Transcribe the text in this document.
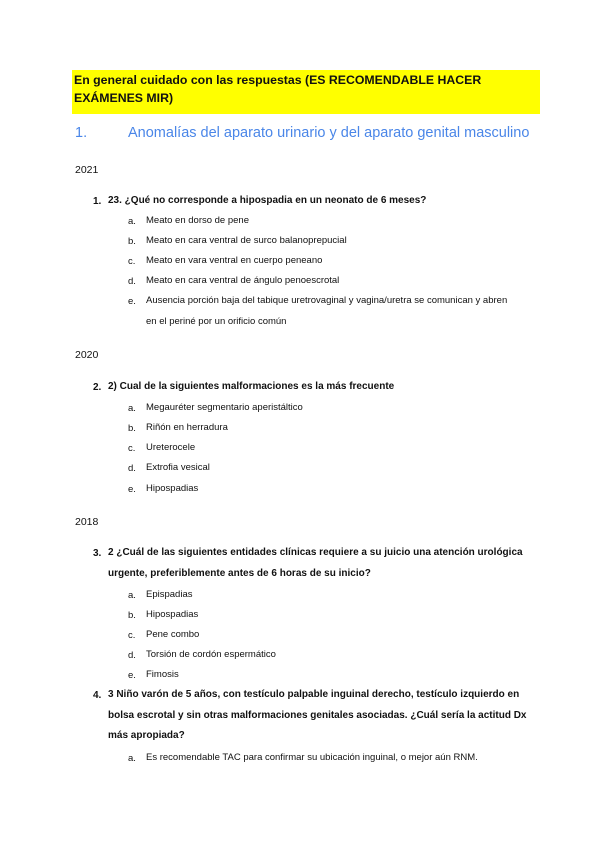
En general cuidado con las respuestas (ES RECOMENDABLE HACER EXÁMENES MIR)
1.	Anomalías del aparato urinario y del aparato genital masculino
2021
1. 23. ¿Qué no corresponde a hipospadia en un neonato de 6 meses?
a. Meato en dorso de pene
b. Meato en cara ventral de surco balanoprepucial
c. Meato en vara ventral en cuerpo peneano
d. Meato en cara ventral de ángulo penoescrotal
e. Ausencia porción baja del tabique uretrovaginal y vagina/uretra se comunican y abren en el periné por un orificio común
2020
2. 2) Cual de la siguientes malformaciones es la más frecuente
a. Megauréter segmentario aperistáltico
b. Riñón en herradura
c. Ureterocele
d. Extrofia vesical
e. Hipospadias
2018
3. 2 ¿Cuál de las siguientes entidades clínicas requiere a su juicio una atención urológica urgente, preferiblemente antes de 6 horas de su inicio?
a. Epispadias
b. Hipospadias
c. Pene combo
d. Torsión de cordón espermático
e. Fimosis
4. 3 Niño varón de 5 años, con testículo palpable inguinal derecho, testículo izquierdo en bolsa escrotal y sin otras malformaciones genitales asociadas. ¿Cuál sería la actitud Dx más apropiada?
a. Es recomendable TAC para confirmar su ubicación inguinal, o mejor aún RNM.
